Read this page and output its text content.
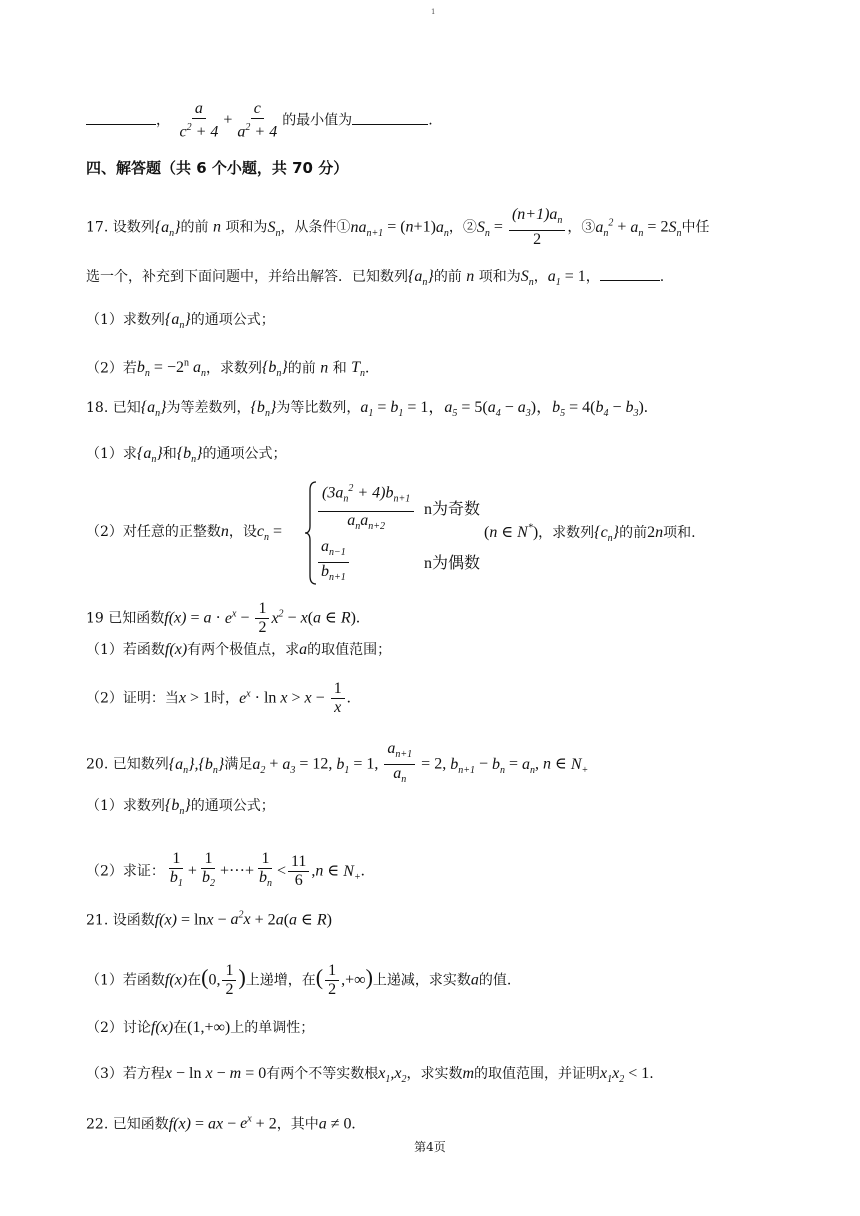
1
， $\frac{a}{c^2 + 4} + \frac{c}{a^2 + 4}$ 的最小值为	.
四、解答题（共 6 个小题，共 70 分）
17. 设数列$\{a_n\}$的前 n 项和为$S_n$，从条件$①na_{n+1} = (n+1)a_n$，$②S_n = \frac{(n+1)a_n}{2}$ ，$③a_n^2 + a_n = 2S_n$中任
选一个，补充到下面问题中，并给出解答．已知数列$\{a_n\}$的前 n 项和为$S_n$，$a_1 = 1$，	.
（1）求数列$\{a_n\}$的通项公式；
（2）若$b_n = -2^n$ $a_n$，求数列$\{b_n\}$的前 n 和 $T_n$．
18. 已知$\{a_n\}$为等差数列，$\{b_n\}$为等比数列，$a_1 = b_1 = 1$，$a_5 = 5(a_4 - a_3)$，$b_5 = 4(b_4 - b_3)$.
（1）求$\{a_n\}$和$\{b_n\}$的通项公式；
（2）对任意的正整数n，设$c_n = \frac{(3a_n^2 + 4)b_{n+1}}{a_na_{n+2}}$ n为奇数
$\frac{a_{n-1}}{b_{n+1}}$	n为偶数
(n ∈ N*)，求数列$\{c_n\}$的前2n项和.
19 已知函数$f(x) = a \cdot e^x - \frac{1}{2} x^2 - x(a$ ∈ R).
（1）若函数f(x)有两个极值点，求a的取值范围；
（2）证明：当x > 1时，$e^x \cdot \ln x > x - \frac{1}{x}$ .
20. 已知数列$\{a_n\},\{b_n\}$满足$a_2 + a_3 = 12$, $b_1 = 1$, $\frac{a_{n+1}}{a_n} = 2$, $b_{n+1} - b_n = a_n$, n ∈ $N_+$
（1）求数列$\{b_n\}$的通项公式；
（2）求证： $\frac{1}{b_1} + \frac{1}{b_2}$ +···+ $\frac{1}{b_n} < \frac{11}{6} ,n$ ∈ $N_+$.
21. 设函数$f(x) = \ln x - a^2x + 2a(a$ ∈ R)
（1）若函数f(x)在(0, $\frac{1}{2}$ )上递增，在( $\frac{1}{2}$ ,+∞)上递减，求实数a的值.
（2）讨论f(x)在(1,+∞)上的单调性；
（3）若方程x − ln x − m = 0有两个不等实数根$x_1,x_2$，求实数m的取值范围，并证明$x_1x_2 < 1$.
22. 已知函数f(x) = ax − $e^x + 2$，其中a ≠ 0.
第4页
